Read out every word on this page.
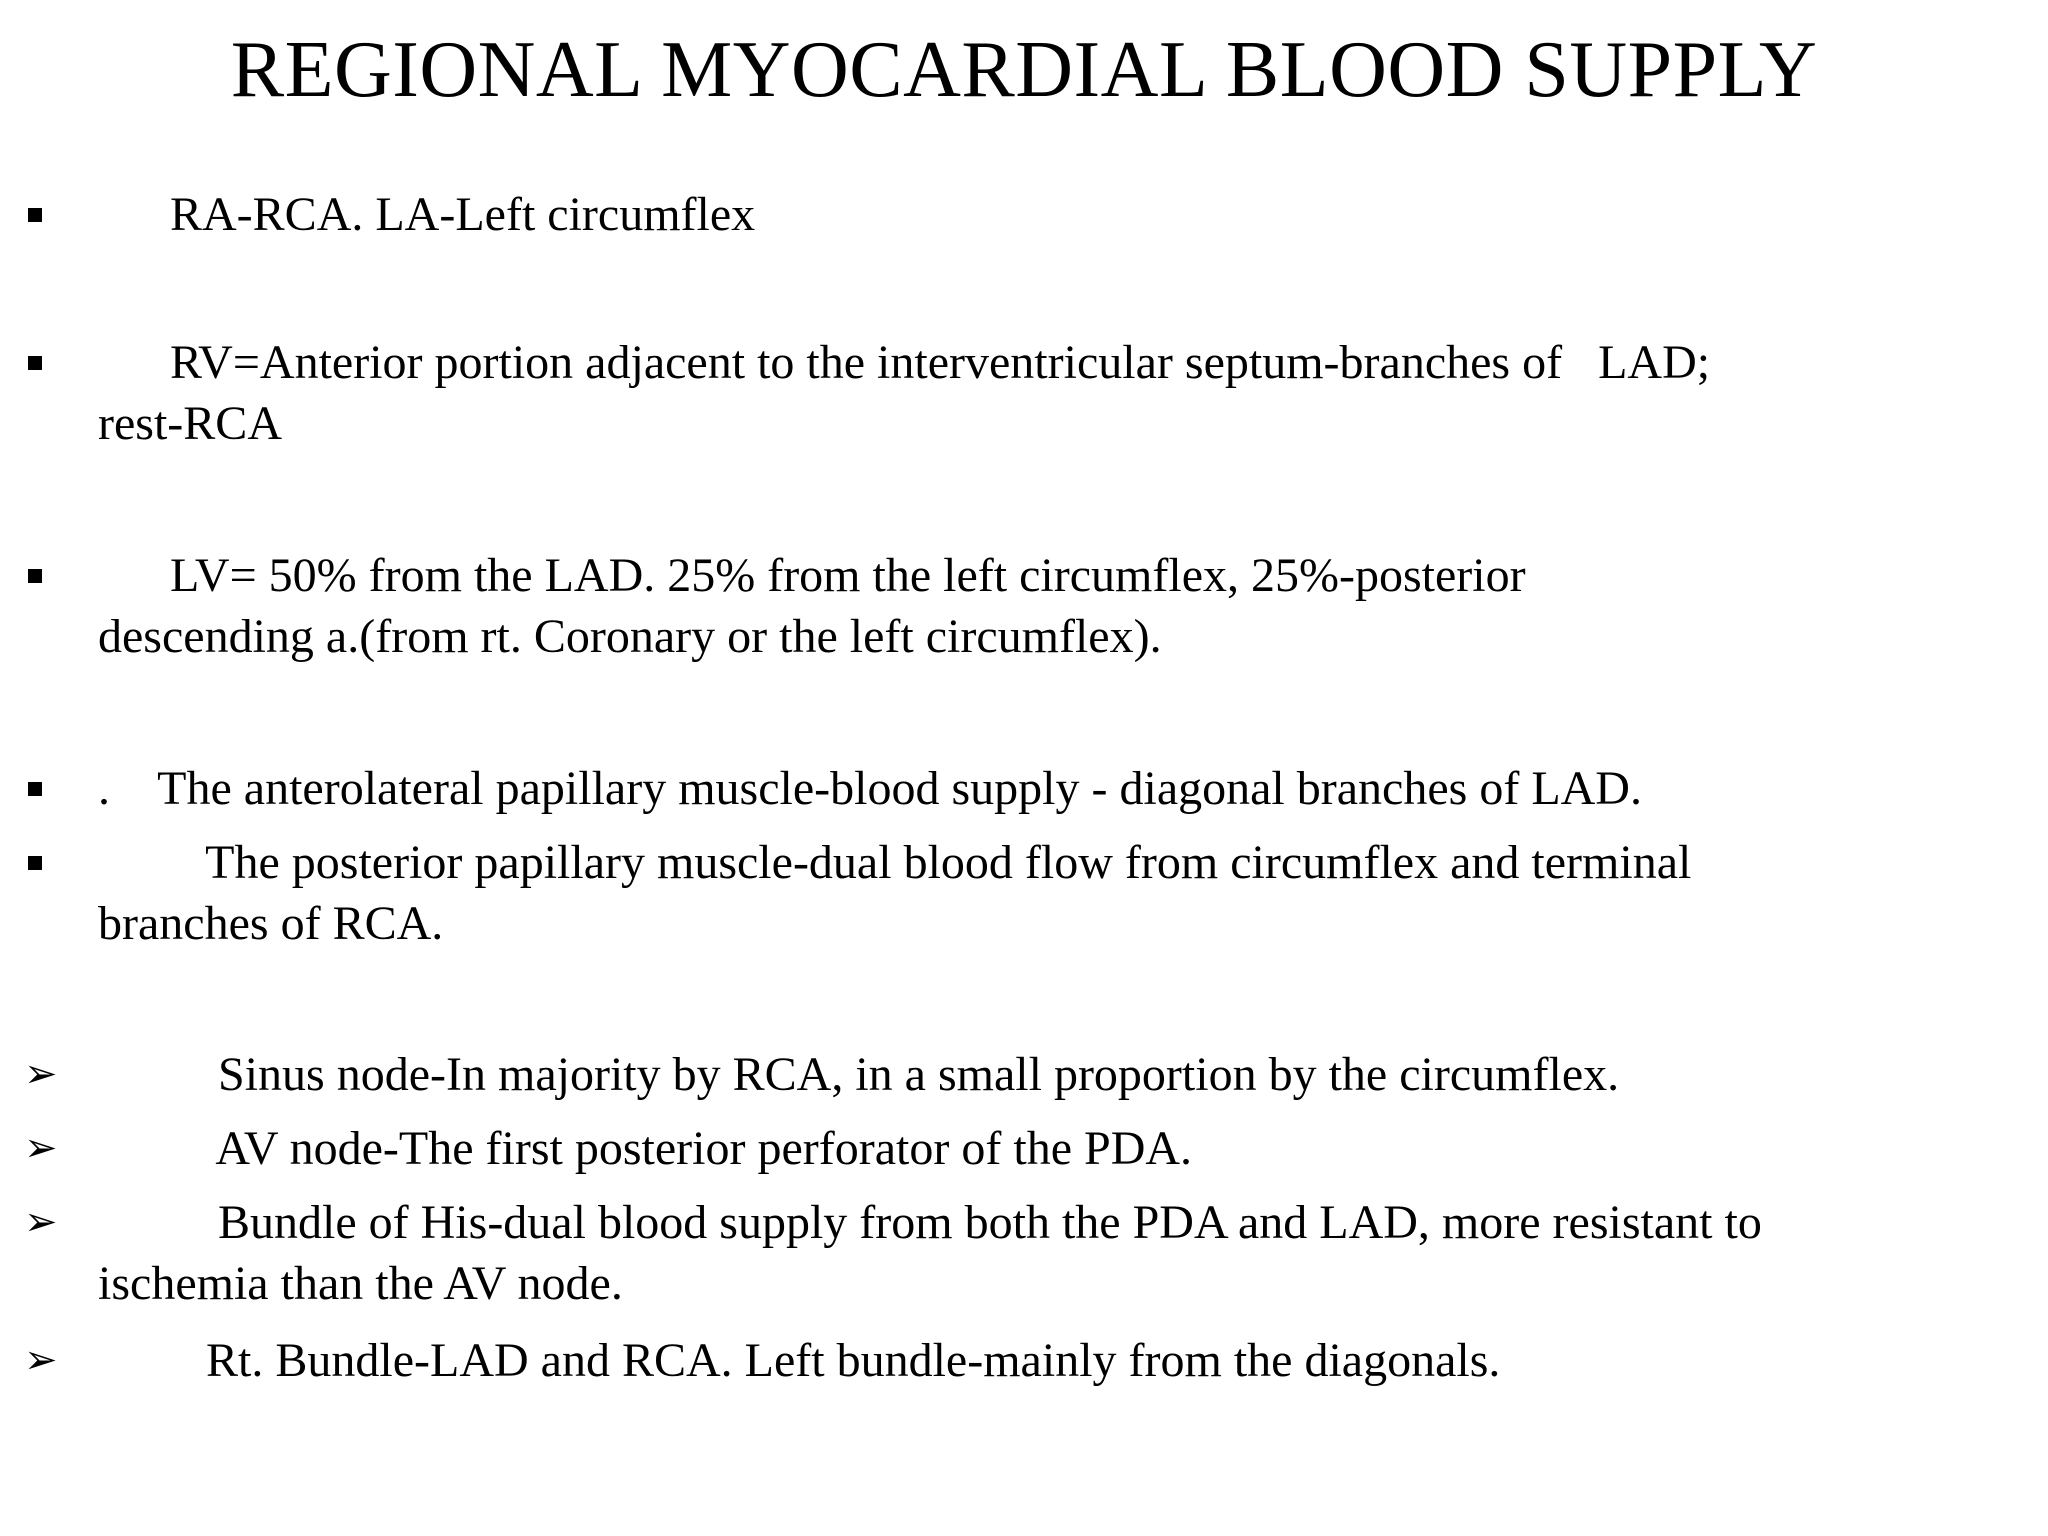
REGIONAL MYOCARDIAL BLOOD SUPPLY
RA-RCA. LA-Left circumflex
RV=Anterior portion adjacent to the interventricular septum-branches of   LAD;
rest-RCA
LV= 50% from the LAD. 25% from the left circumflex, 25%-posterior
descending a.(from rt. Coronary or the left circumflex).
.    The anterolateral papillary muscle-blood supply - diagonal branches of LAD.
The posterior papillary muscle-dual blood flow from circumflex and terminal
branches of RCA.
➢ Sinus node-In majority by RCA, in a small proportion by the circumflex.
➢ AV node-The first posterior perforator of the PDA.
➢ Bundle of His-dual blood supply from both the PDA and LAD, more resistant to
ischemia than the AV node.
➢ Rt. Bundle-LAD and RCA. Left bundle-mainly from the diagonals.
